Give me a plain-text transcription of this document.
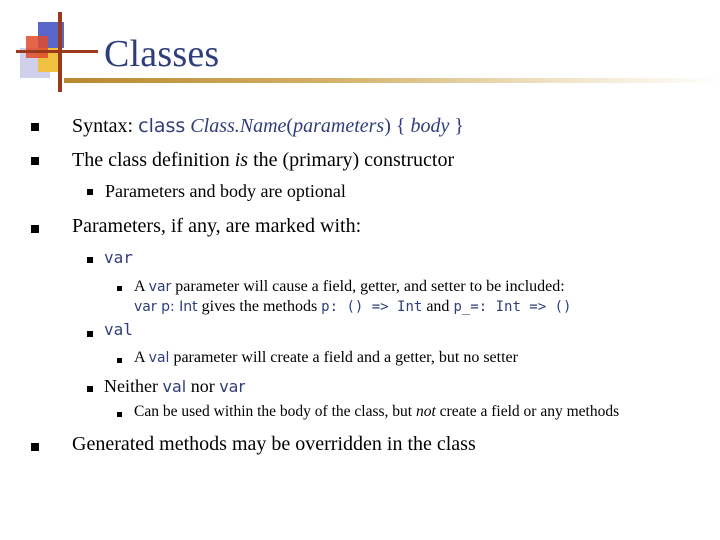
Classes
Syntax: class Class.Name(parameters) { body }
The class definition is the (primary) constructor
Parameters and body are optional
Parameters, if any, are marked with:
var
A var parameter will cause a field, getter, and setter to be included:
var p: Int gives the methods p: () => Int and p_=: Int => ()
val
A val parameter will create a field and a getter, but no setter
Neither val nor var
Can be used within the body of the class, but not create a field or any methods
Generated methods may be overridden in the class
